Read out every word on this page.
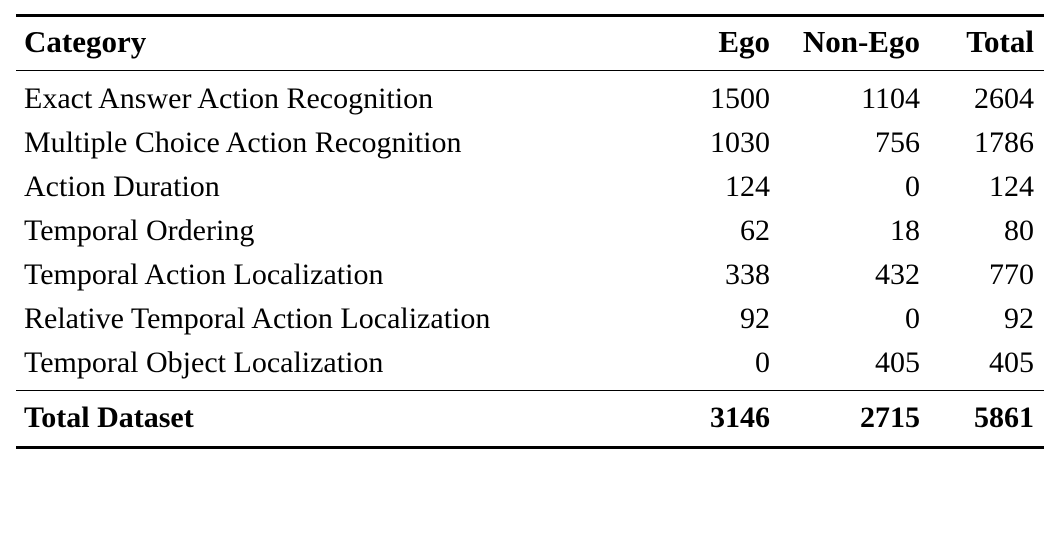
Category	Ego	Non-Ego	Total

Exact Answer Action Recognition	1500	1104	2604
Multiple Choice Action Recognition	1030	756	1786
Action Duration	124	0	124
Temporal Ordering	62	18	80
Temporal Action Localization	338	432	770
Relative Temporal Action Localization	92	0	92
Temporal Object Localization	0	405	405

Total Dataset	3146	2715	5861
